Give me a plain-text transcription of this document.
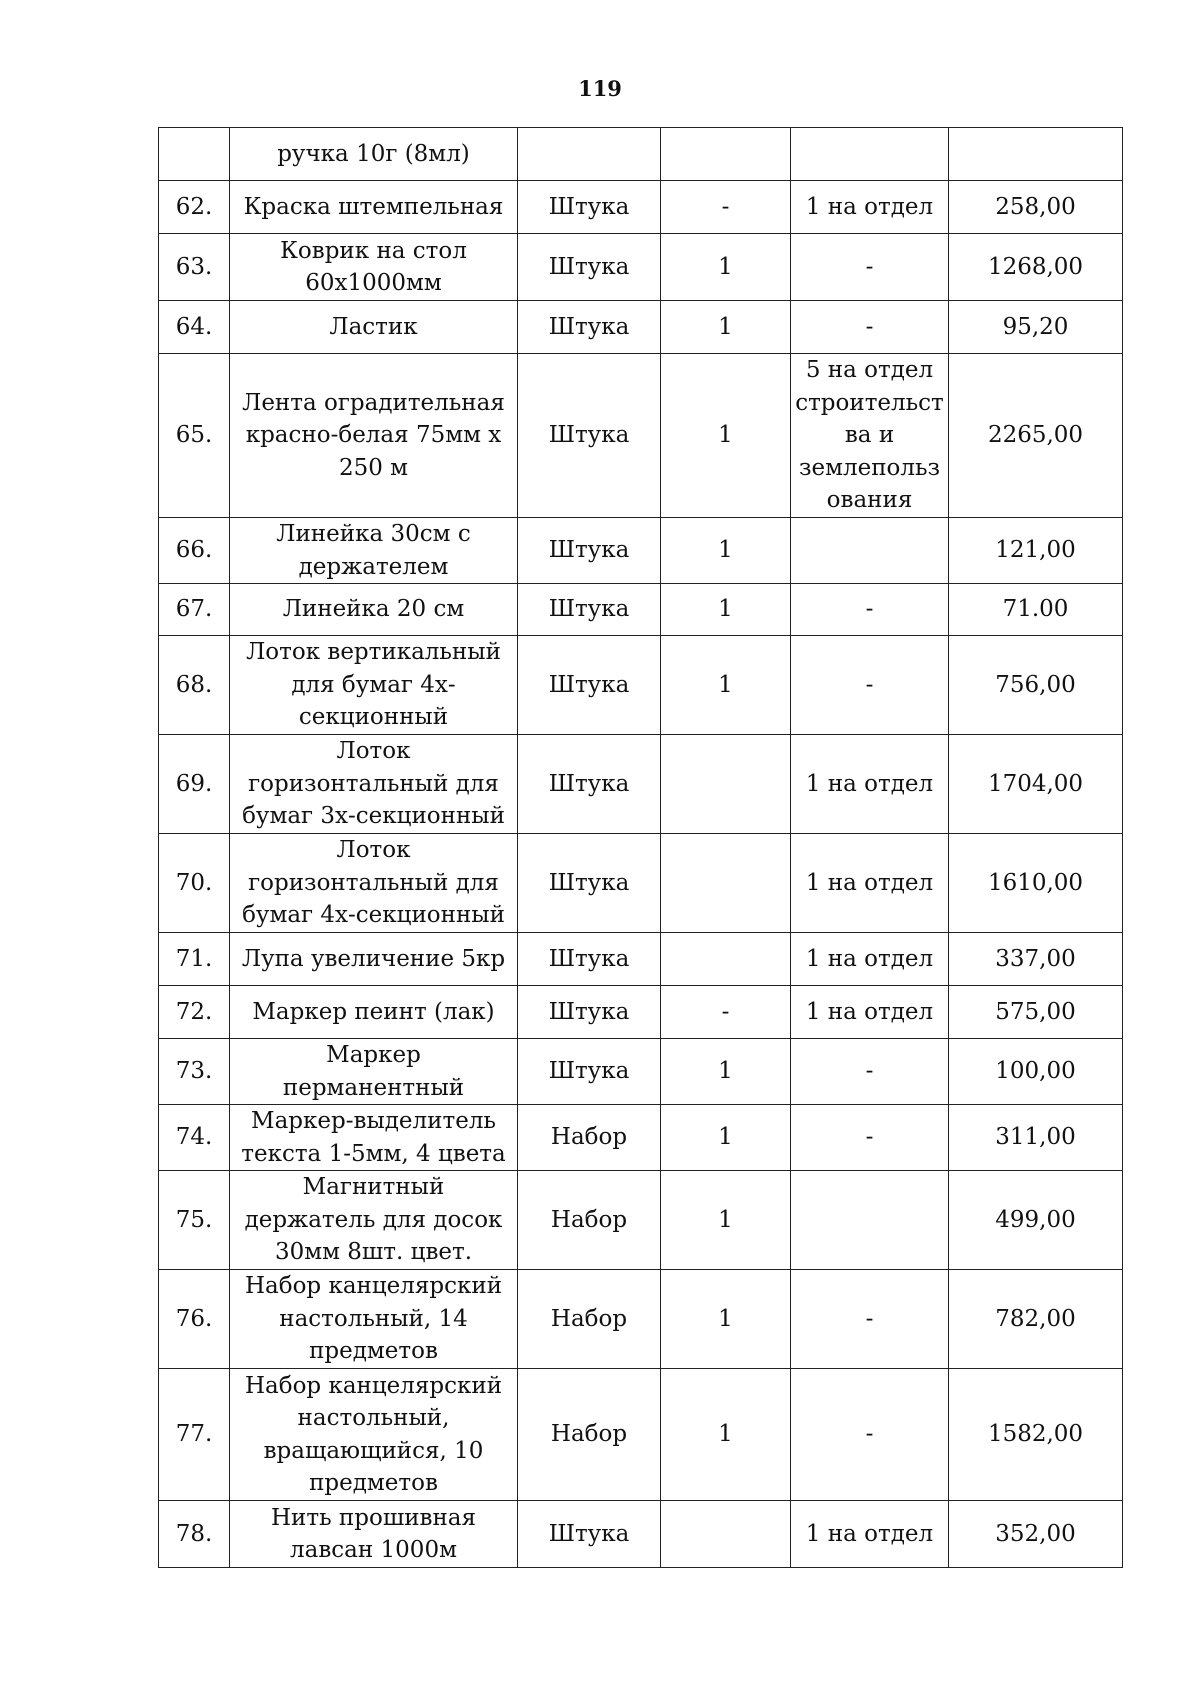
119
	ручка 10г (8мл)				
62.	Краска штемпельная	Штука	-	1 на отдел	258,00
63.	Коврик на стол 60х1000мм	Штука	1	-	1268,00
64.	Ластик	Штука	1	-	95,20
65.	Лента оградительная красно-белая 75мм х 250 м	Штука	1	5 на отдел строительства и землепользования	2265,00
66.	Линейка 30см с держателем	Штука	1		121,00
67.	Линейка 20 см	Штука	1	-	71.00
68.	Лоток вертикальный для бумаг 4х-секционный	Штука	1	-	756,00
69.	Лоток горизонтальный для бумаг 3х-секционный	Штука		1 на отдел	1704,00
70.	Лоток горизонтальный для бумаг 4х-секционный	Штука		1 на отдел	1610,00
71.	Лупа увеличение 5кр	Штука		1 на отдел	337,00
72.	Маркер пеинт (лак)	Штука	-	1 на отдел	575,00
73.	Маркер перманентный	Штука	1	-	100,00
74.	Маркер-выделитель текста 1-5мм, 4 цвета	Набор	1	-	311,00
75.	Магнитный держатель для досок 30мм 8шт. цвет.	Набор	1		499,00
76.	Набор канцелярский настольный, 14 предметов	Набор	1	-	782,00
77.	Набор канцелярский настольный, вращающийся, 10 предметов	Набор	1	-	1582,00
78.	Нить прошивная лавсан 1000м	Штука		1 на отдел	352,00
